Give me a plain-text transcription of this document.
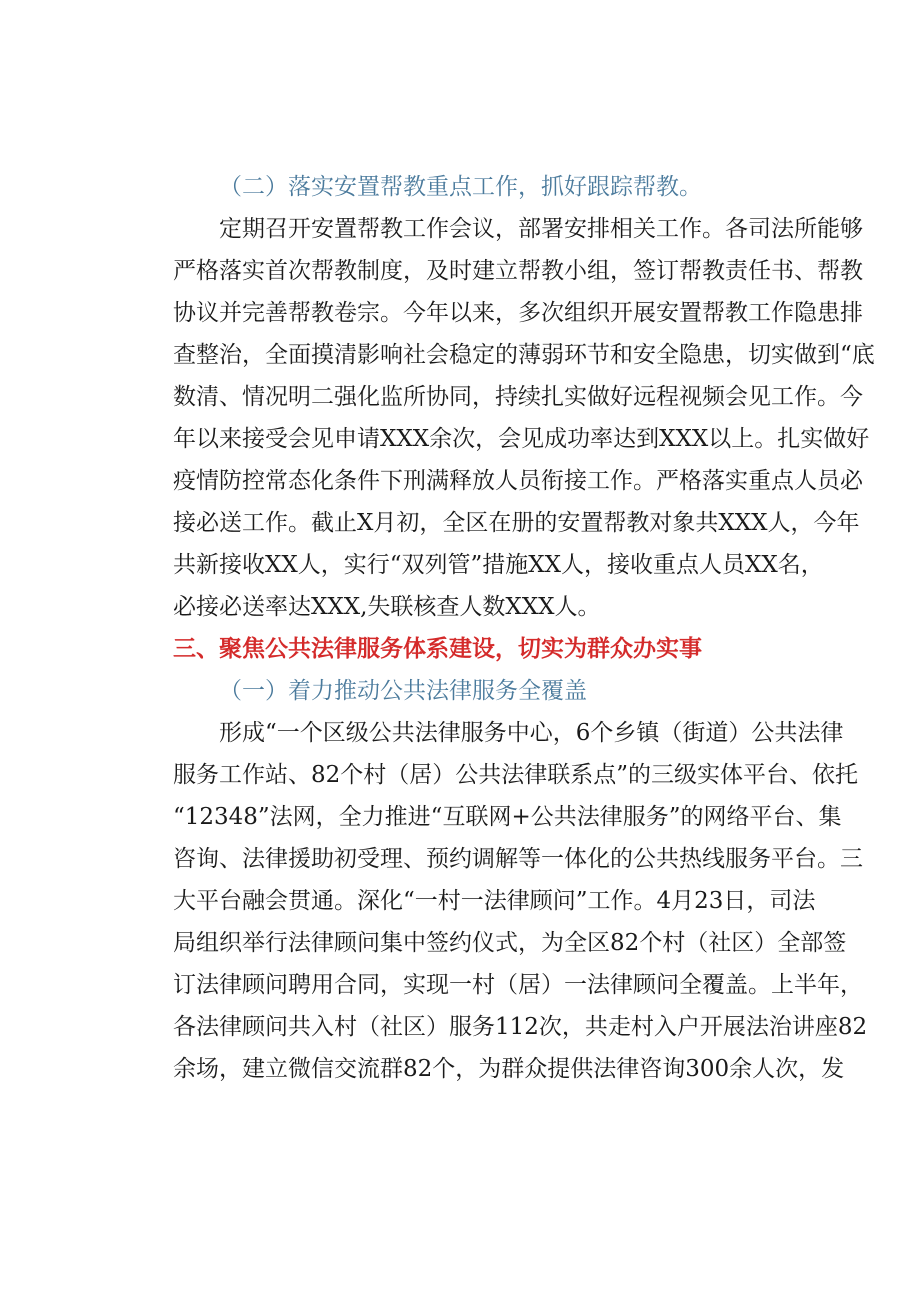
（二）落实安置帮教重点工作，抓好跟踪帮教。
定期召开安置帮教工作会议，部署安排相关工作。各司法所能够
严格落实首次帮教制度，及时建立帮教小组，签订帮教责任书、帮教
协议并完善帮教卷宗。今年以来，多次组织开展安置帮教工作隐患排
查整治，全面摸清影响社会稳定的薄弱环节和安全隐患，切实做到“底
数清、情况明二强化监所协同，持续扎实做好远程视频会见工作。今
年以来接受会见申请XXX余次，会见成功率达到XXX以上。扎实做好
疫情防控常态化条件下刑满释放人员衔接工作。严格落实重点人员必
接必送工作。截止X月初，全区在册的安置帮教对象共XXX人，今年
共新接收XX人，实行“双列管”措施XX人，接收重点人员XX名，
必接必送率达XXX,失联核查人数XXX人。
三、聚焦公共法律服务体系建设，切实为群众办实事
（一）着力推动公共法律服务全覆盖
形成“一个区级公共法律服务中心，6个乡镇（街道）公共法律
服务工作站、82个村（居）公共法律联系点”的三级实体平台、依托
“12348”法网，全力推进“互联网+公共法律服务”的网络平台、集
咨询、法律援助初受理、预约调解等一体化的公共热线服务平台。三
大平台融会贯通。深化“一村一法律顾问”工作。4月23日，司法
局组织举行法律顾问集中签约仪式，为全区82个村（社区）全部签
订法律顾问聘用合同，实现一村（居）一法律顾问全覆盖。上半年，
各法律顾问共入村（社区）服务112次，共走村入户开展法治讲座82
余场，建立微信交流群82个，为群众提供法律咨询300余人次，发
